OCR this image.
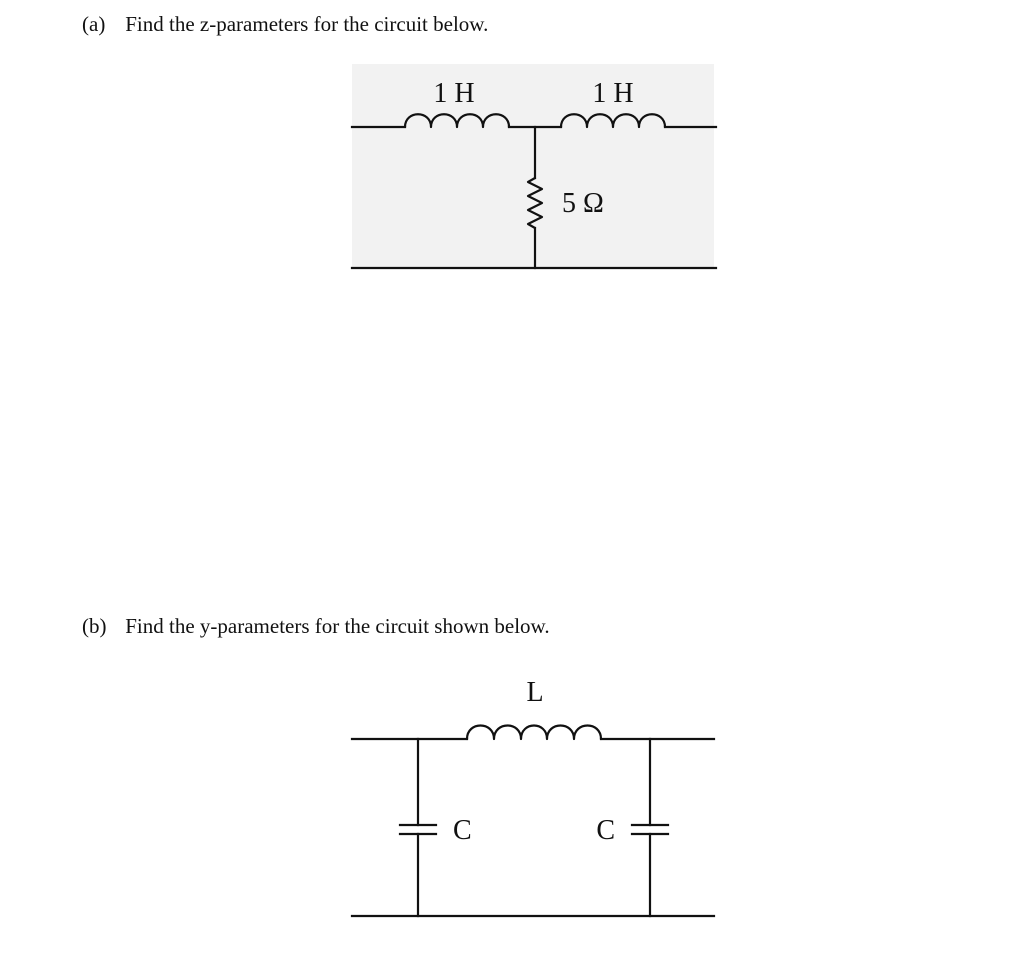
(a) Find the z-parameters for the circuit below.
(b) Find the y-parameters for the circuit shown below.
1 H	1 H
5 Ω
L
C	C
